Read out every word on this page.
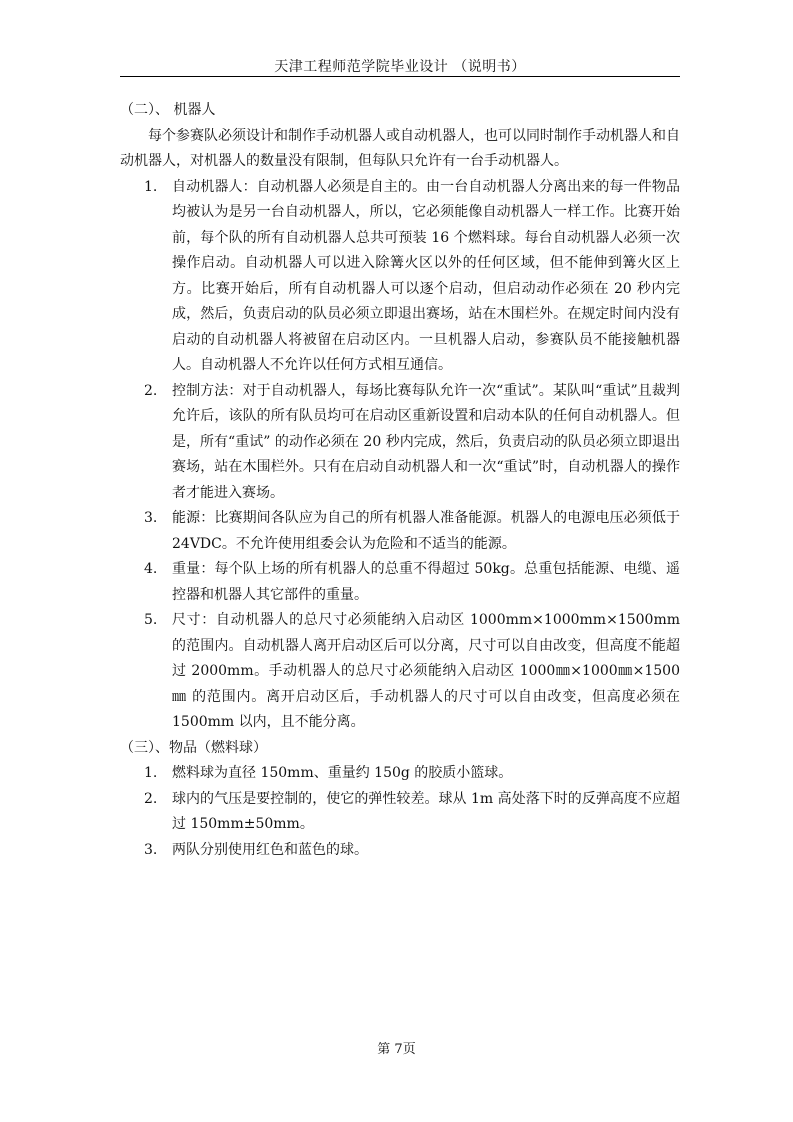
天津工程师范学院毕业设计 （说明书）

（二）、 机器人

每个参赛队必须设计和制作手动机器人或自动机器人，也可以同时制作手动机器人和自动机器人，对机器人的数量没有限制，但每队只允许有一台手动机器人。

1. 自动机器人：自动机器人必须是自主的。由一台自动机器人分离出来的每一件物品均被认为是另一台自动机器人，所以，它必须能像自动机器人一样工作。比赛开始前，每个队的所有自动机器人总共可预装 16 个燃料球。每台自动机器人必须一次操作启动。自动机器人可以进入除篝火区以外的任何区域，但不能伸到篝火区上方。比赛开始后，所有自动机器人可以逐个启动，但启动动作必须在 20 秒内完成，然后，负责启动的队员必须立即退出赛场，站在木围栏外。在规定时间内没有启动的自动机器人将被留在启动区内。一旦机器人启动，参赛队员不能接触机器人。自动机器人不允许以任何方式相互通信。
2. 控制方法：对于自动机器人，每场比赛每队允许一次“重试”。某队叫“重试”且裁判允许后，该队的所有队员均可在启动区重新设置和启动本队的任何自动机器人。但是，所有“重试” 的动作必须在 20 秒内完成，然后，负责启动的队员必须立即退出赛场，站在木围栏外。只有在启动自动机器人和一次“重试”时，自动机器人的操作者才能进入赛场。
3. 能源：比赛期间各队应为自己的所有机器人准备能源。机器人的电源电压必须低于 24VDC。不允许使用组委会认为危险和不适当的能源。
4. 重量：每个队上场的所有机器人的总重不得超过 50kg。总重包括能源、电缆、遥控器和机器人其它部件的重量。
5. 尺寸：自动机器人的总尺寸必须能纳入启动区 1000mm×1000mm×1500mm 的范围内。自动机器人离开启动区后可以分离，尺寸可以自由改变，但高度不能超过 2000mm。手动机器人的总尺寸必须能纳入启动区 1000㎜×1000㎜×1500㎜ 的范围内。离开启动区后，手动机器人的尺寸可以自由改变，但高度必须在 1500mm 以内，且不能分离。

（三）、物品（燃料球）

1. 燃料球为直径 150mm、重量约 150g 的胶质小篮球。
2. 球内的气压是要控制的，使它的弹性较差。球从 1m 高处落下时的反弹高度不应超过 150mm±50mm。
3. 两队分别使用红色和蓝色的球。
第 7页
